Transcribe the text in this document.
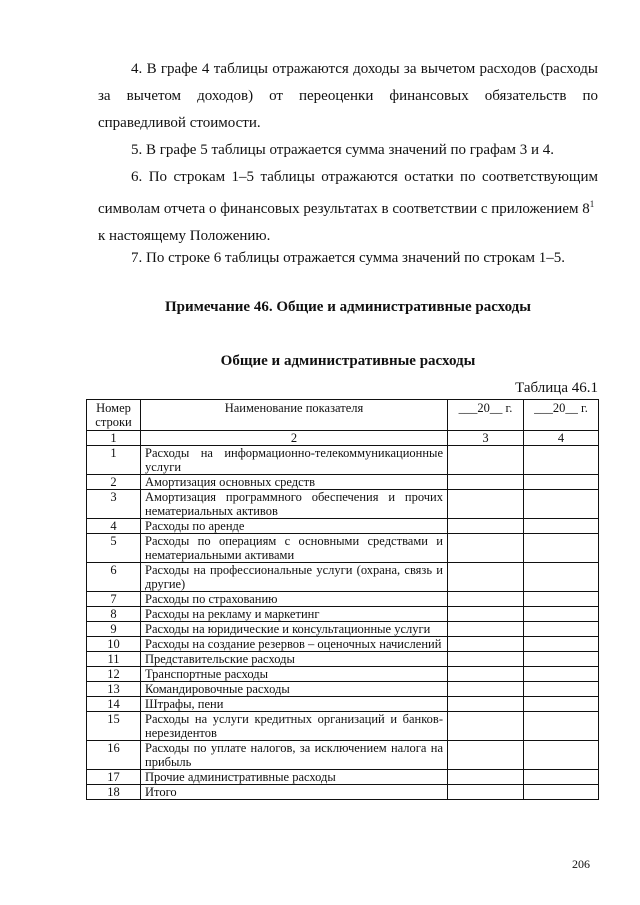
4. В графе 4 таблицы отражаются доходы за вычетом расходов (расходы
за вычетом доходов) от переоценки финансовых обязательств по
справедливой стоимости.

5. В графе 5 таблицы отражается сумма значений по графам 3 и 4.

6. По строкам 1–5 таблицы отражаются остатки по соответствующим
символам отчета о финансовых результатах в соответствии с приложением $8^1$
к настоящему Положению.

7. По строке 6 таблицы отражается сумма значений по строкам 1–5.

Примечание 46. Общие и административные расходы
Общие и административные расходы
Таблица 46.1
Номер строки	Наименование показателя	___20__ г.	___20__ г.
1	2	3	4
1	Расходы на информационно-телекоммуникационные услуги		
2	Амортизация основных средств		
3	Амортизация программного обеспечения и прочих нематериальных активов		
4	Расходы по аренде		
5	Расходы по операциям с основными средствами и нематериальными активами		
6	Расходы на профессиональные услуги (охрана, связь и другие)		
7	Расходы по страхованию		
8	Расходы на рекламу и маркетинг		
9	Расходы на юридические и консультационные услуги		
10	Расходы на создание резервов – оценочных начислений		
11	Представительские расходы		
12	Транспортные расходы		
13	Командировочные расходы		
14	Штрафы, пени		
15	Расходы на услуги кредитных организаций и банков-нерезидентов		
16	Расходы по уплате налогов, за исключением налога на прибыль		
17	Прочие административные расходы		
18	Итого		
206
